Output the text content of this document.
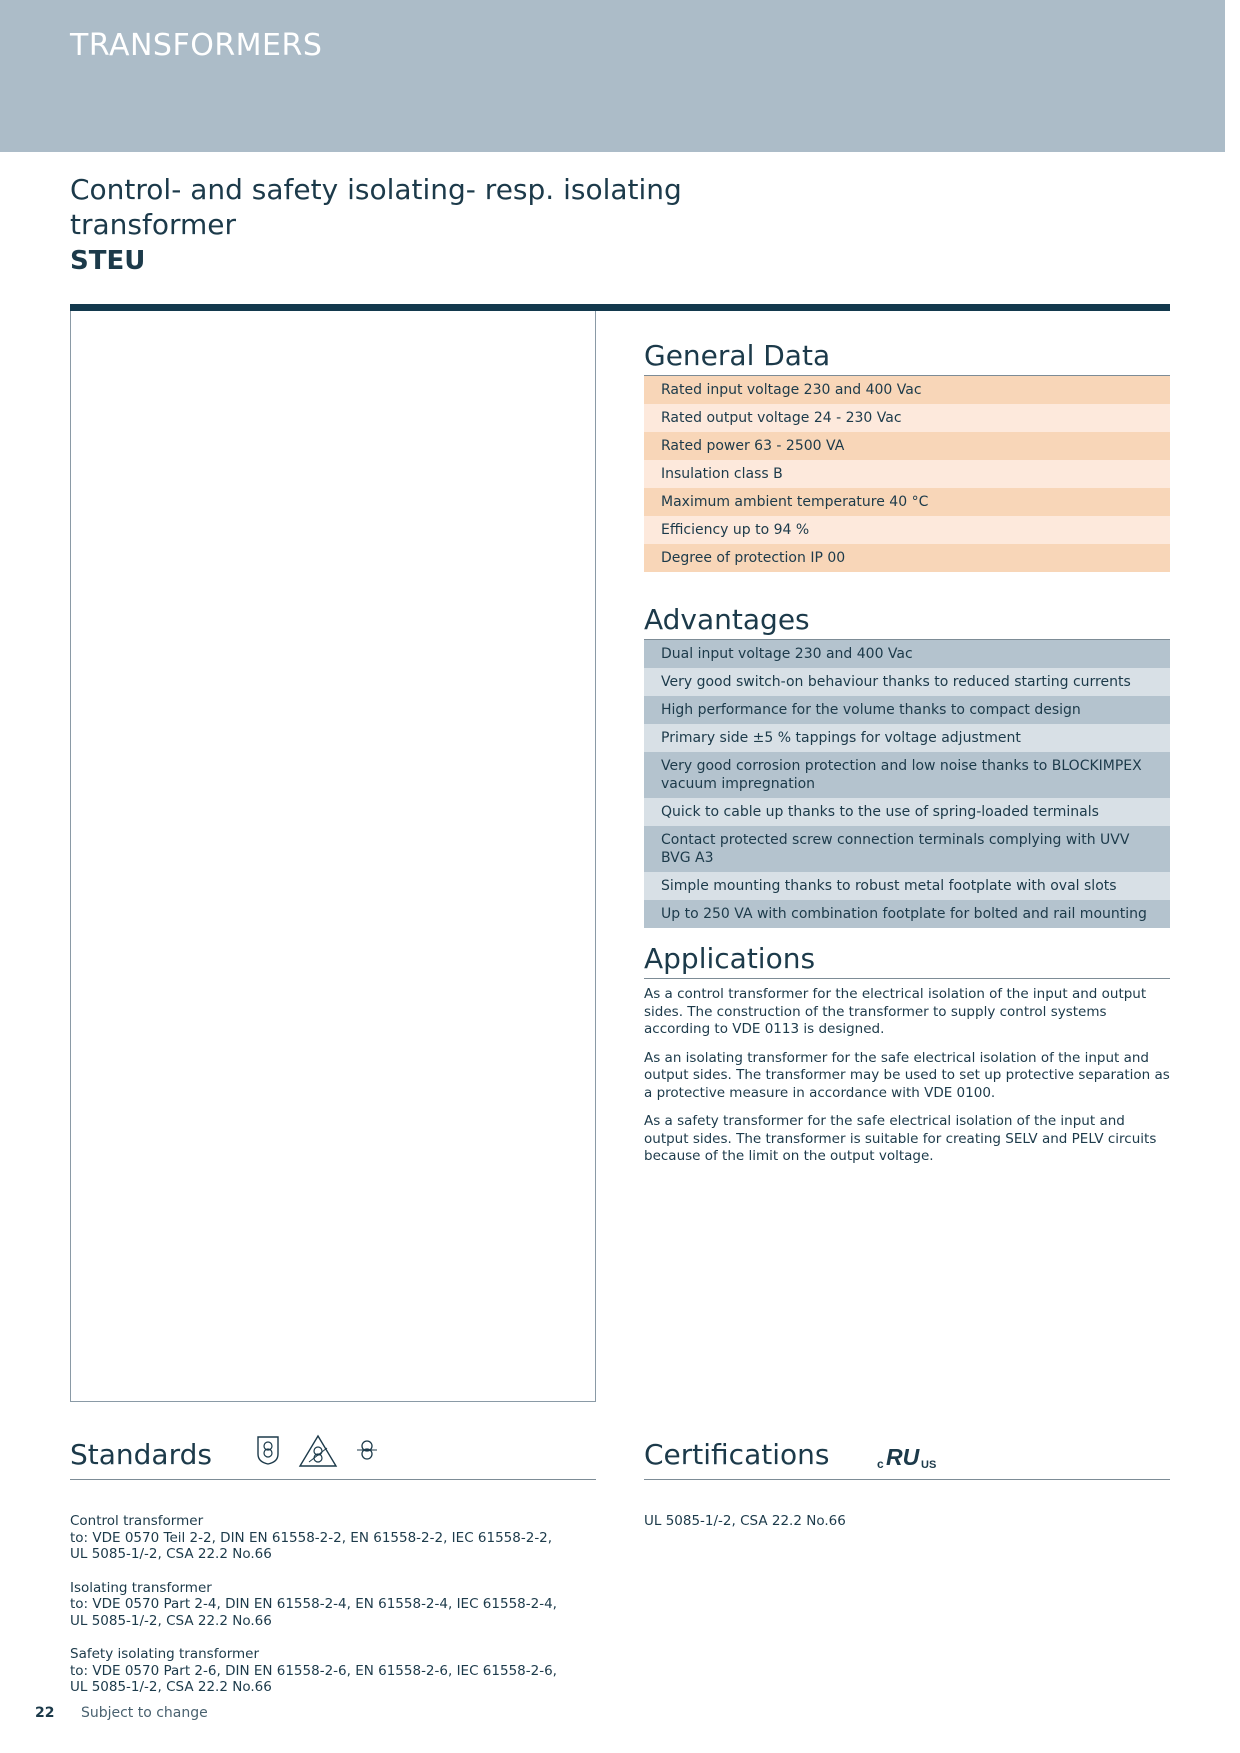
TRANSFORMERS
Control- and safety isolating- resp. isolating
transformer
STEU
General Data
Rated input voltage 230 and 400 Vac
Rated output voltage 24 - 230 Vac
Rated power 63 - 2500 VA
Insulation class B
Maximum ambient temperature 40 °C
Efficiency up to 94 %
Degree of protection IP 00
Advantages
Dual input voltage 230 and 400 Vac
Very good switch-on behaviour thanks to reduced starting currents
High performance for the volume thanks to compact design
Primary side ±5 % tappings for voltage adjustment
Very good corrosion protection and low noise thanks to BLOCKIMPEX vacuum impregnation
Quick to cable up thanks to the use of spring-loaded terminals
Contact protected screw connection terminals complying with UVV BVG A3
Simple mounting thanks to robust metal footplate with oval slots
Up to 250 VA with combination footplate for bolted and rail mounting
Applications

As a control transformer for the electrical isolation of the input and output sides. The construction of the transformer to supply control systems according to VDE 0113 is designed.

As an isolating transformer for the safe electrical isolation of the input and output sides. The transformer may be used to set up protective separation as a protective measure in accordance with VDE 0100.

As a safety transformer for the safe electrical isolation of the input and output sides. The transformer is suitable for creating SELV and PELV circuits because of the limit on the output voltage.

Standards

Control transformer
to: VDE 0570 Teil 2-2, DIN EN 61558-2-2, EN 61558-2-2, IEC 61558-2-2,
UL 5085-1/-2, CSA 22.2 No.66
Isolating transformer
to: VDE 0570 Part 2-4, DIN EN 61558-2-4, EN 61558-2-4, IEC 61558-2-4,
UL 5085-1/-2, CSA 22.2 No.66
Safety isolating transformer
to: VDE 0570 Part 2-6, DIN EN 61558-2-6, EN 61558-2-6, IEC 61558-2-6,
UL 5085-1/-2, CSA 22.2 No.66
Certifications	c RU US
UL 5085-1/-2, CSA 22.2 No.66
22 Subject to change
